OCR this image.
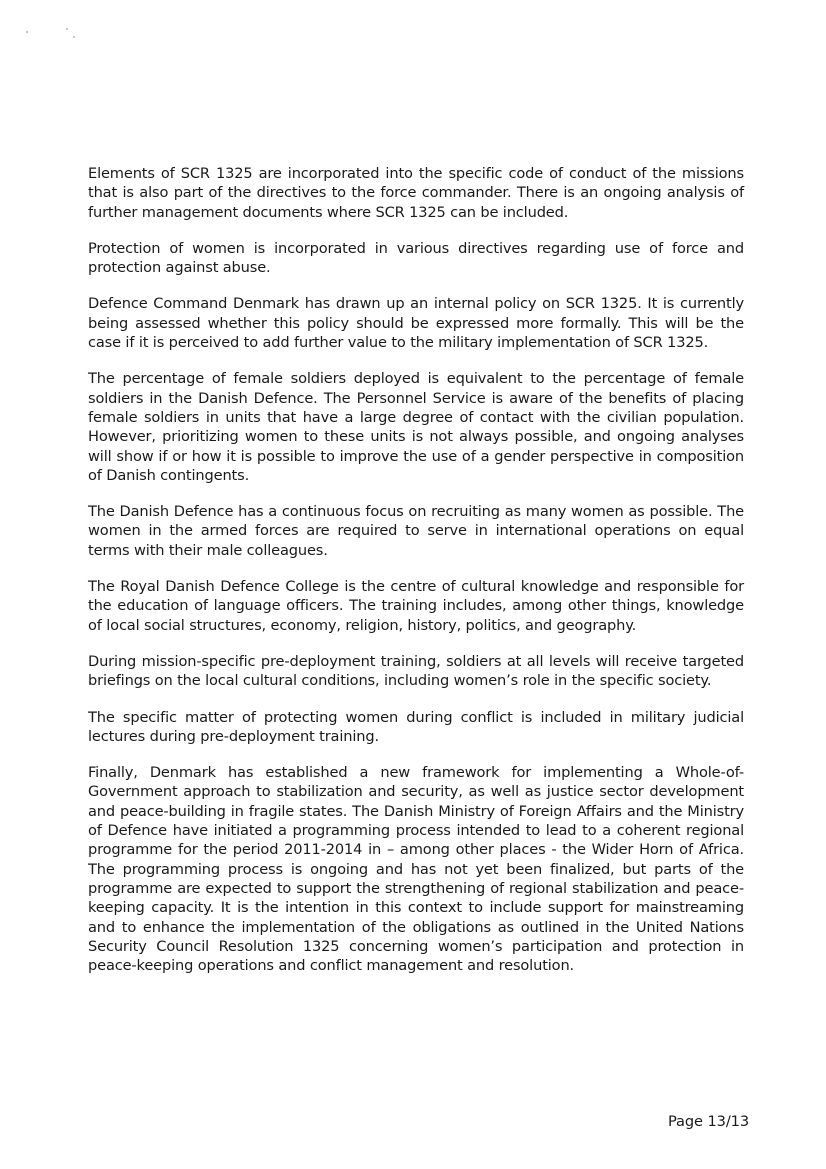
Elements of SCR 1325 are incorporated into the specific code of conduct of the missions that is also part of the directives to the force commander. There is an ongoing analysis of further management documents where SCR 1325 can be included.

Protection of women is incorporated in various directives regarding use of force and protection against abuse.

Defence Command Denmark has drawn up an internal policy on SCR 1325. It is currently being assessed whether this policy should be expressed more formally. This will be the case if it is perceived to add further value to the military implementation of SCR 1325.

The percentage of female soldiers deployed is equivalent to the percentage of female soldiers in the Danish Defence. The Personnel Service is aware of the benefits of placing female soldiers in units that have a large degree of contact with the civilian population. However, prioritizing women to these units is not always possible, and ongoing analyses will show if or how it is possible to improve the use of a gender perspective in composition of Danish contingents.

The Danish Defence has a continuous focus on recruiting as many women as possible. The women in the armed forces are required to serve in international operations on equal terms with their male colleagues.

The Royal Danish Defence College is the centre of cultural knowledge and responsible for the education of language officers. The training includes, among other things, knowledge of local social structures, economy, religion, history, politics, and geography.

During mission-specific pre-deployment training, soldiers at all levels will receive targeted briefings on the local cultural conditions, including women’s role in the specific society.

The specific matter of protecting women during conflict is included in military judicial lectures during pre-deployment training.

Finally, Denmark has established a new framework for implementing a Whole-of-Government approach to stabilization and security, as well as justice sector development and peace-building in fragile states. The Danish Ministry of Foreign Affairs and the Ministry of Defence have initiated a programming process intended to lead to a coherent regional programme for the period 2011-2014 in – among other places - the Wider Horn of Africa. The programming process is ongoing and has not yet been finalized, but parts of the programme are expected to support the strengthening of regional stabilization and peace-keeping capacity. It is the intention in this context to include support for mainstreaming and to enhance the implementation of the obligations as outlined in the United Nations Security Council Resolution 1325 concerning women’s participation and protection in peace-keeping operations and conflict management and resolution.

Page 13/13
